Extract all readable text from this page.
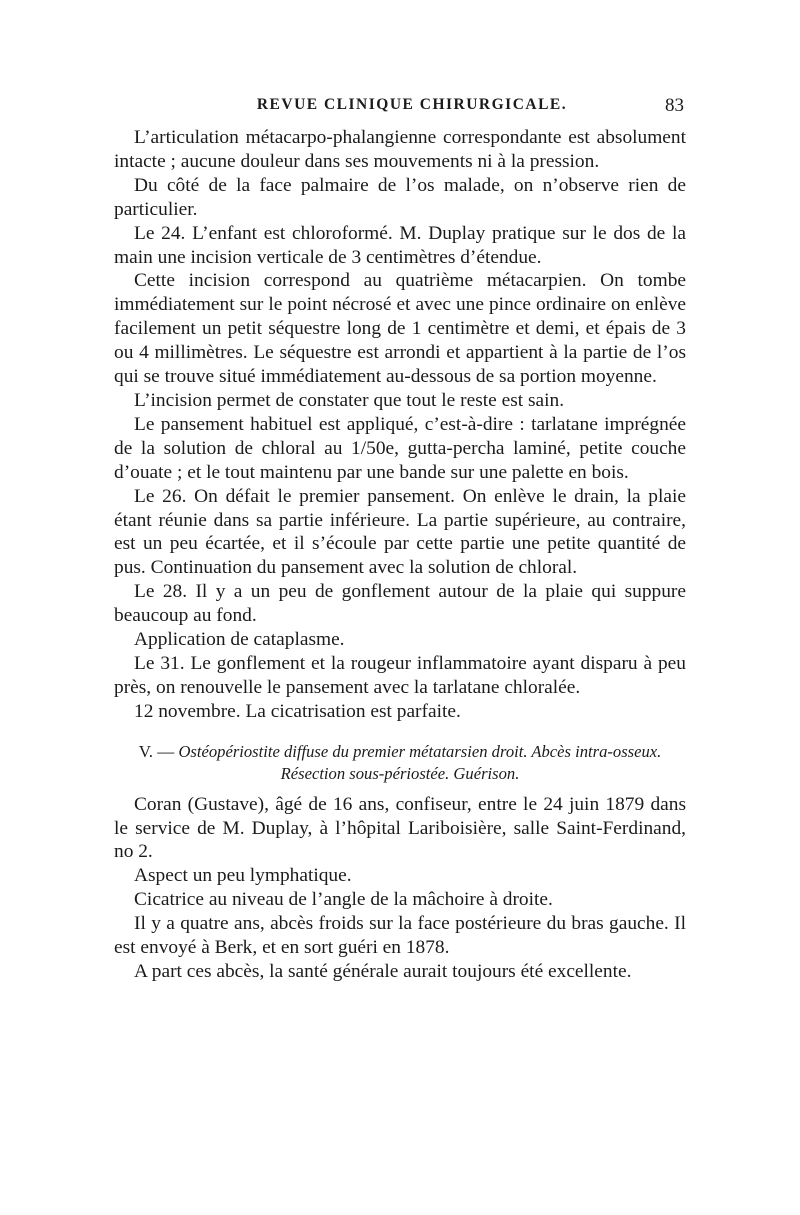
REVUE CLINIQUE CHIRURGICALE.	83

L’articulation métacarpo-phalangienne correspondante est absolument intacte ; aucune douleur dans ses mouvements ni à la pression.

Du côté de la face palmaire de l’os malade, on n’observe rien de particulier.

Le 24. L’enfant est chloroformé. M. Duplay pratique sur le dos de la main une incision verticale de 3 centimètres d’étendue.

Cette incision correspond au quatrième métacarpien. On tombe immédiatement sur le point nécrosé et avec une pince ordinaire on enlève facilement un petit séquestre long de 1 centimètre et demi, et épais de 3 ou 4 millimètres. Le séquestre est arrondi et appartient à la partie de l’os qui se trouve situé immédiatement au-dessous de sa portion moyenne.

L’incision permet de constater que tout le reste est sain.

Le pansement habituel est appliqué, c’est-à-dire : tarlatane imprégnée de la solution de chloral au 1/50e, gutta-percha laminé, petite couche d’ouate ; et le tout maintenu par une bande sur une palette en bois.

Le 26. On défait le premier pansement. On enlève le drain, la plaie étant réunie dans sa partie inférieure. La partie supérieure, au contraire, est un peu écartée, et il s’écoule par cette partie une petite quantité de pus. Continuation du pansement avec la solution de chloral.

Le 28. Il y a un peu de gonflement autour de la plaie qui suppure beaucoup au fond.

Application de cataplasme.

Le 31. Le gonflement et la rougeur inflammatoire ayant disparu à peu près, on renouvelle le pansement avec la tarlatane chloralée.

12 novembre. La cicatrisation est parfaite.

V. — Ostéopériostite diffuse du premier métatarsien droit. Abcès intra-osseux. Résection sous-périostée. Guérison.

Coran (Gustave), âgé de 16 ans, confiseur, entre le 24 juin 1879 dans le service de M. Duplay, à l’hôpital Lariboisière, salle Saint-Ferdinand, no 2.

Aspect un peu lymphatique.

Cicatrice au niveau de l’angle de la mâchoire à droite.

Il y a quatre ans, abcès froids sur la face postérieure du bras gauche. Il est envoyé à Berk, et en sort guéri en 1878.

A part ces abcès, la santé générale aurait toujours été excellente.
